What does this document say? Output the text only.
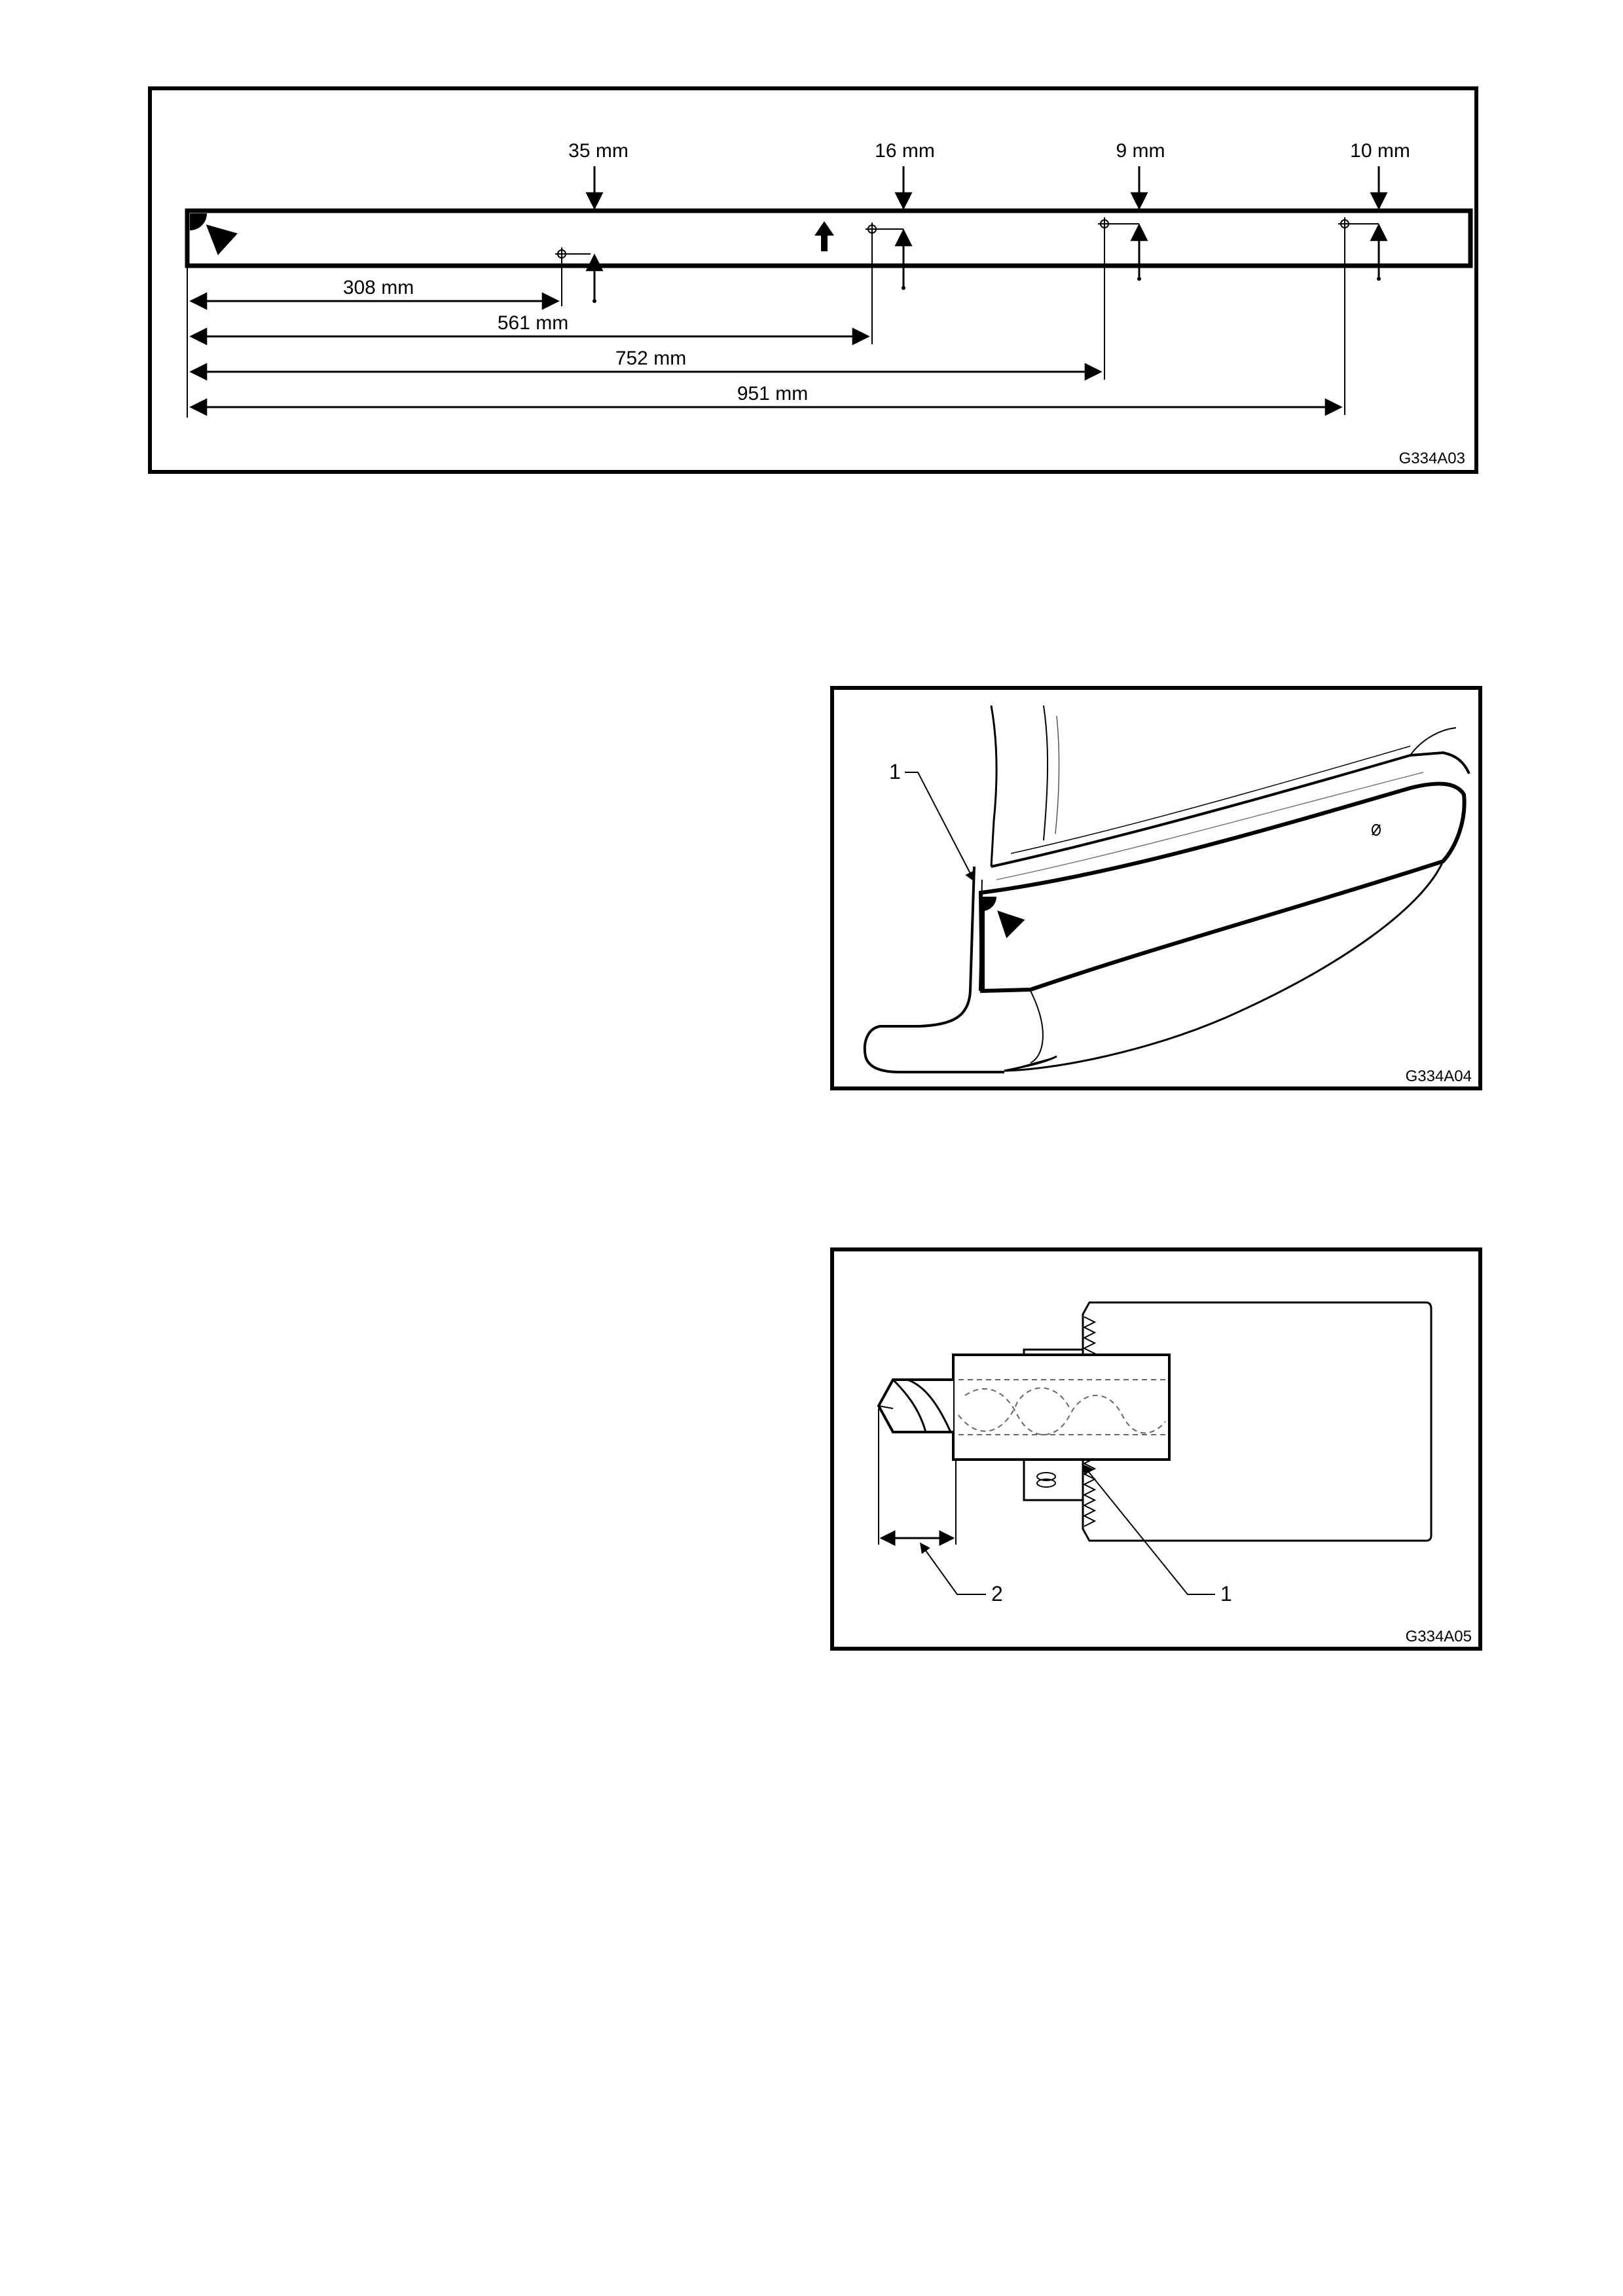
35 mm	16 mm	9 mm	10 mm
308 mm
561 mm
752 mm
951 mm
G334A03
1
G334A04
2	1
G334A05
